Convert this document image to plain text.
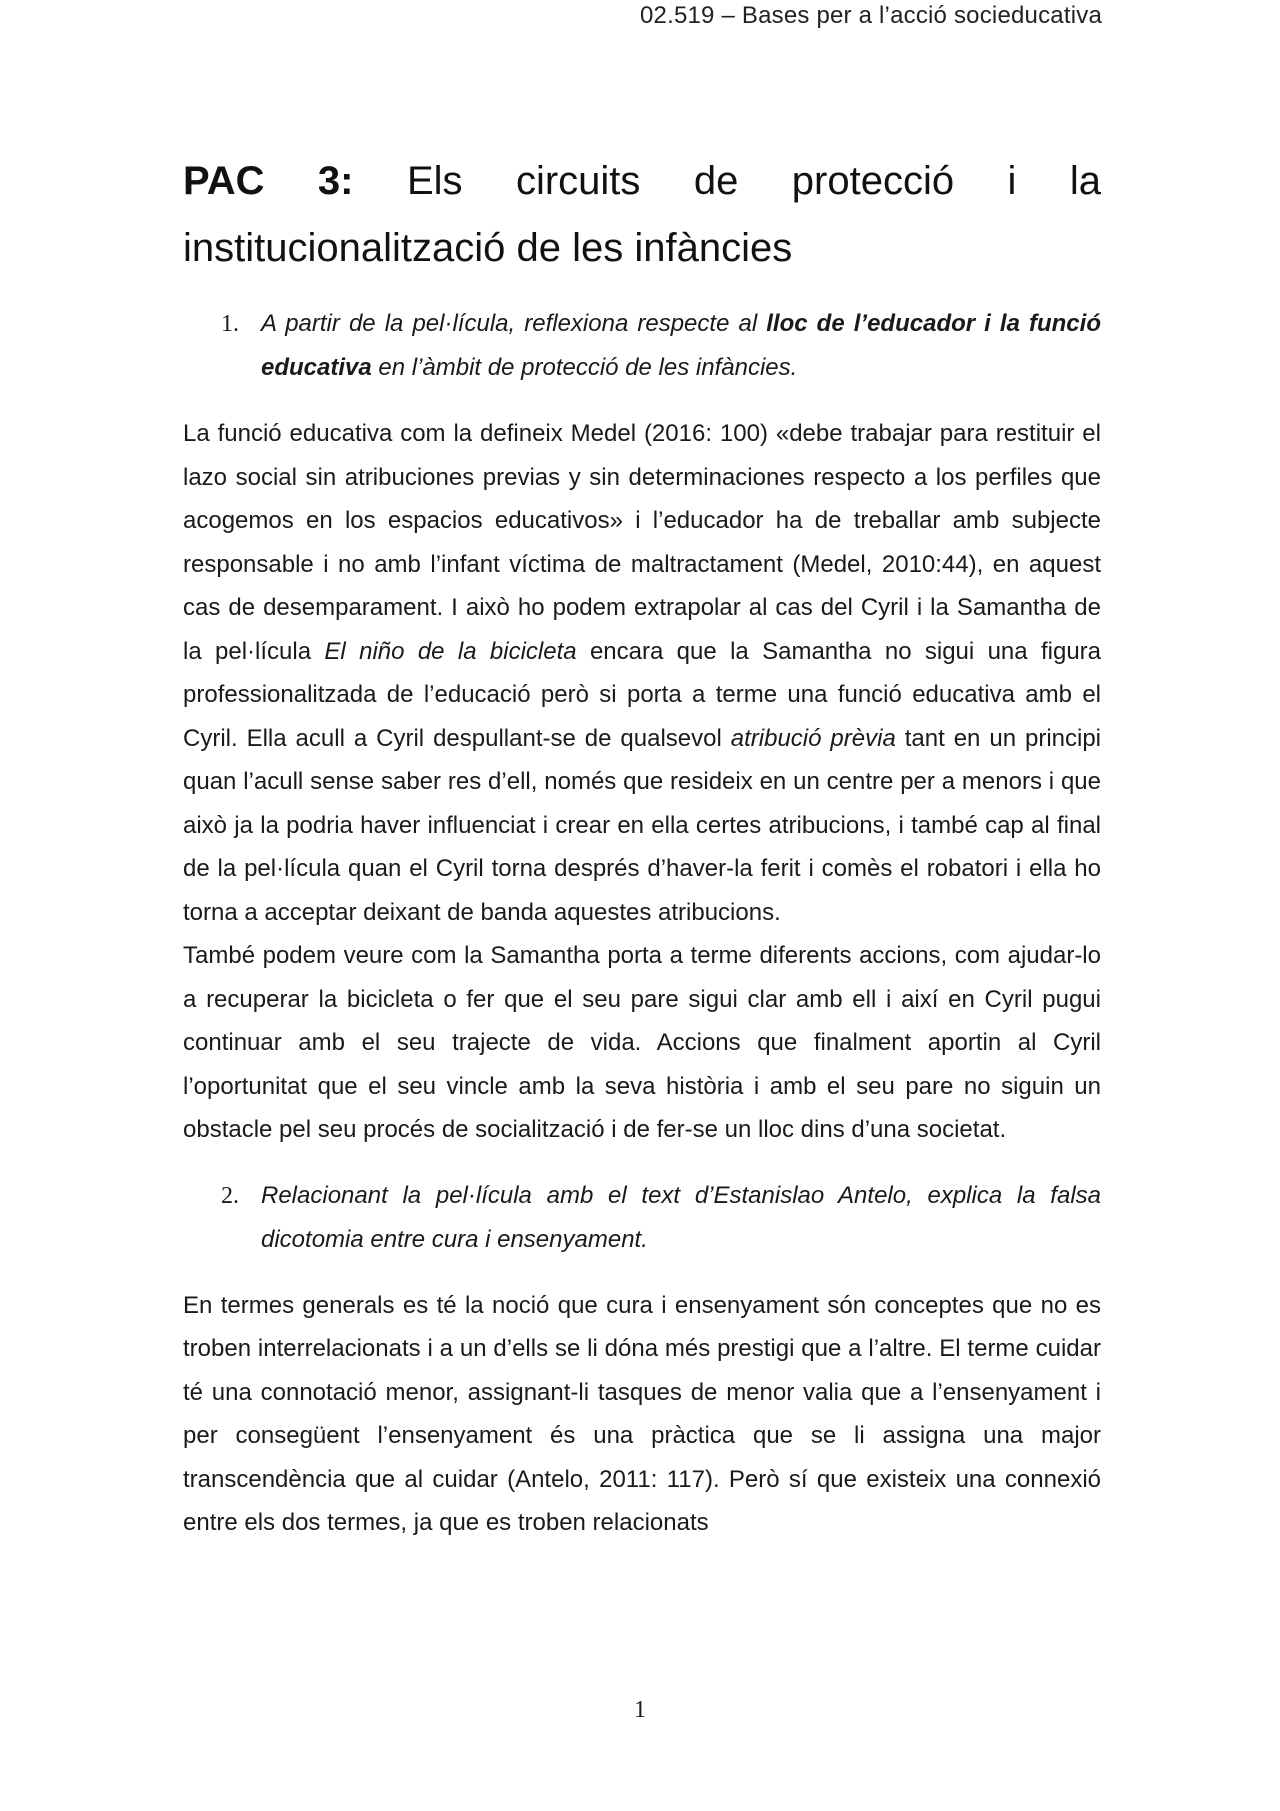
02.519 – Bases per a l’acció socieducativa
PAC 3: Els circuits de protecció i la institucionalització de les infàncies
1. A partir de la pel·lícula, reflexiona respecte al lloc de l’educador i la funció educativa en l’àmbit de protecció de les infàncies.

La funció educativa com la defineix Medel (2016: 100) «debe trabajar para restituir el lazo social sin atribuciones previas y sin determinaciones respecto a los perfiles que acogemos en los espacios educativos» i l’educador ha de treballar amb subjecte responsable i no amb l’infant víctima de maltractament (Medel, 2010:44), en aquest cas de desemparament. I això ho podem extrapolar al cas del Cyril i la Samantha de la pel·lícula El niño de la bicicleta encara que la Samantha no sigui una figura professionalitzada de l’educació però si porta a terme una funció educativa amb el Cyril. Ella acull a Cyril despullant-se de qualsevol atribució prèvia tant en un principi quan l’acull sense saber res d’ell, només que resideix en un centre per a menors i que això ja la podria haver influenciat i crear en ella certes atribucions, i també cap al final de la pel·lícula quan el Cyril torna després d’haver-la ferit i comès el robatori i ella ho torna a acceptar deixant de banda aquestes atribucions.

També podem veure com la Samantha porta a terme diferents accions, com ajudar-lo a recuperar la bicicleta o fer que el seu pare sigui clar amb ell i així en Cyril pugui continuar amb el seu trajecte de vida. Accions que finalment aportin al Cyril l’oportunitat que el seu vincle amb la seva història i amb el seu pare no siguin un obstacle pel seu procés de socialització i de fer-se un lloc dins d’una societat.

2. Relacionant la pel·lícula amb el text d’Estanislao Antelo, explica la falsa dicotomia entre cura i ensenyament.

En termes generals es té la noció que cura i ensenyament són conceptes que no es troben interrelacionats i a un d’ells se li dóna més prestigi que a l’altre. El terme cuidar té una connotació menor, assignant-li tasques de menor valia que a l’ensenyament i per consegüent l’ensenyament és una pràctica que se li assigna una major transcendència que al cuidar (Antelo, 2011: 117). Però sí que existeix una connexió entre els dos termes, ja que es troben relacionats

1
